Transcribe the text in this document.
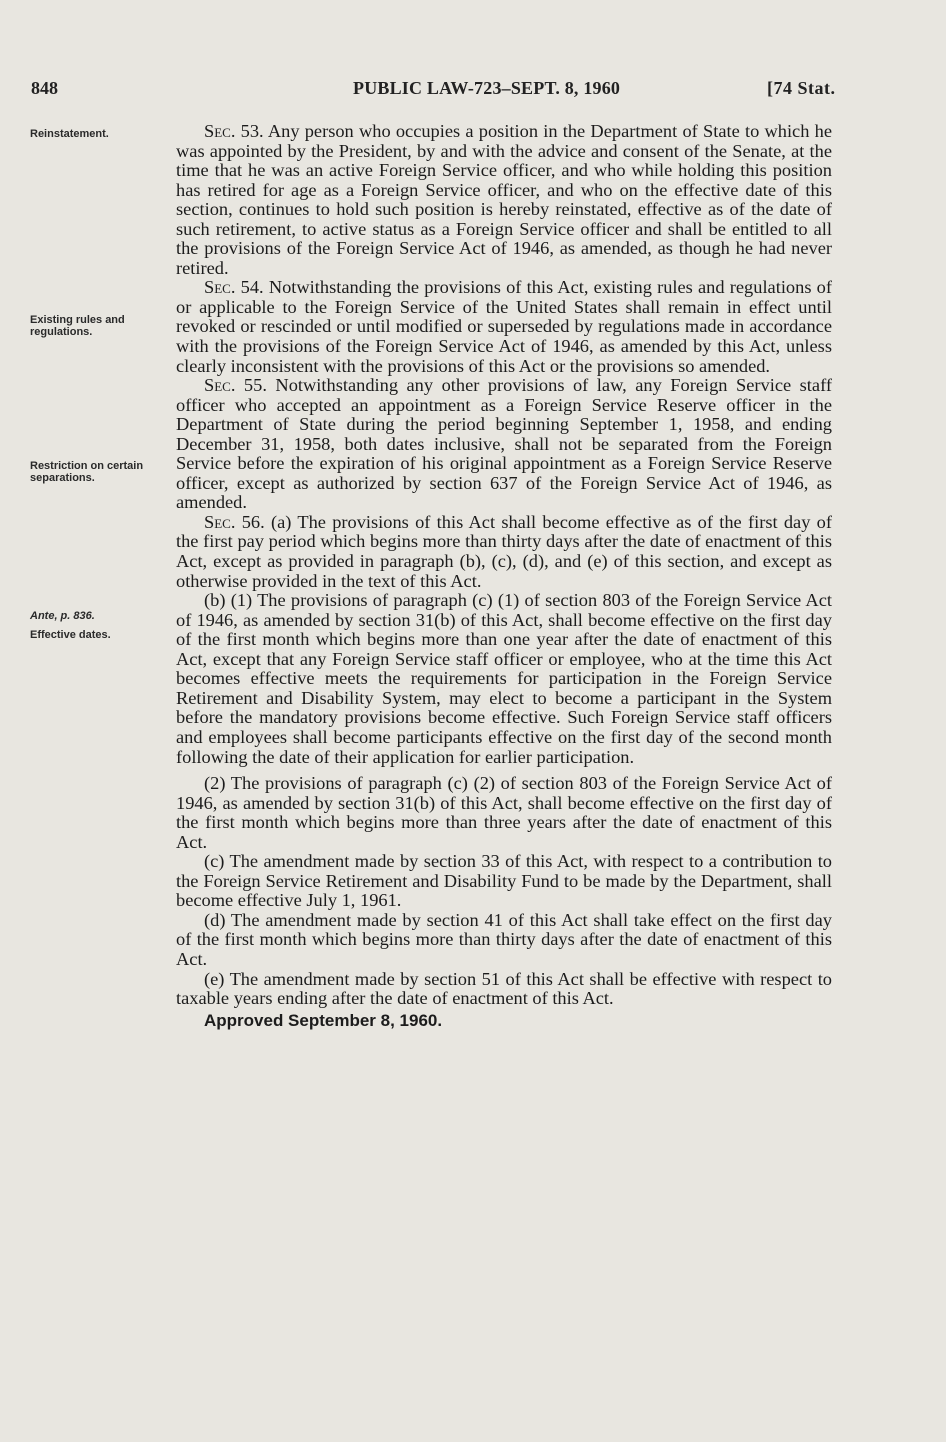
848	PUBLIC LAW-723–SEPT. 8, 1960	[74 Stat.
Reinstatement.
Existing rules and regulations.
Restriction on certain separations.
Ante, p. 836.
Effective dates.

Sec. 53. Any person who occupies a position in the Department of State to which he was appointed by the President, by and with the advice and consent of the Senate, at the time that he was an active Foreign Service officer, and who while holding this position has retired for age as a Foreign Service officer, and who on the effective date of this section, continues to hold such position is hereby reinstated, effective as of the date of such retirement, to active status as a Foreign Service officer and shall be entitled to all the provisions of the Foreign Service Act of 1946, as amended, as though he had never retired.

Sec. 54. Notwithstanding the provisions of this Act, existing rules and regulations of or applicable to the Foreign Service of the United States shall remain in effect until revoked or rescinded or until modified or superseded by regulations made in accordance with the provisions of the Foreign Service Act of 1946, as amended by this Act, unless clearly inconsistent with the provisions of this Act or the provisions so amended.

Sec. 55. Notwithstanding any other provisions of law, any Foreign Service staff officer who accepted an appointment as a Foreign Service Reserve officer in the Department of State during the period beginning September 1, 1958, and ending December 31, 1958, both dates inclusive, shall not be separated from the Foreign Service before the expiration of his original appointment as a Foreign Service Reserve officer, except as authorized by section 637 of the Foreign Service Act of 1946, as amended.

Sec. 56. (a) The provisions of this Act shall become effective as of the first day of the first pay period which begins more than thirty days after the date of enactment of this Act, except as provided in paragraph (b), (c), (d), and (e) of this section, and except as otherwise provided in the text of this Act.

(b) (1) The provisions of paragraph (c) (1) of section 803 of the Foreign Service Act of 1946, as amended by section 31(b) of this Act, shall become effective on the first day of the first month which begins more than one year after the date of enactment of this Act, except that any Foreign Service staff officer or employee, who at the time this Act becomes effective meets the requirements for participation in the Foreign Service Retirement and Disability System, may elect to become a participant in the System before the mandatory provisions become effective. Such Foreign Service staff officers and employees shall become participants effective on the first day of the second month following the date of their application for earlier participation.

(2) The provisions of paragraph (c) (2) of section 803 of the Foreign Service Act of 1946, as amended by section 31(b) of this Act, shall become effective on the first day of the first month which begins more than three years after the date of enactment of this Act.

(c) The amendment made by section 33 of this Act, with respect to a contribution to the Foreign Service Retirement and Disability Fund to be made by the Department, shall become effective July 1, 1961.

(d) The amendment made by section 41 of this Act shall take effect on the first day of the first month which begins more than thirty days after the date of enactment of this Act.

(e) The amendment made by section 51 of this Act shall be effective with respect to taxable years ending after the date of enactment of this Act.

Approved September 8, 1960.
